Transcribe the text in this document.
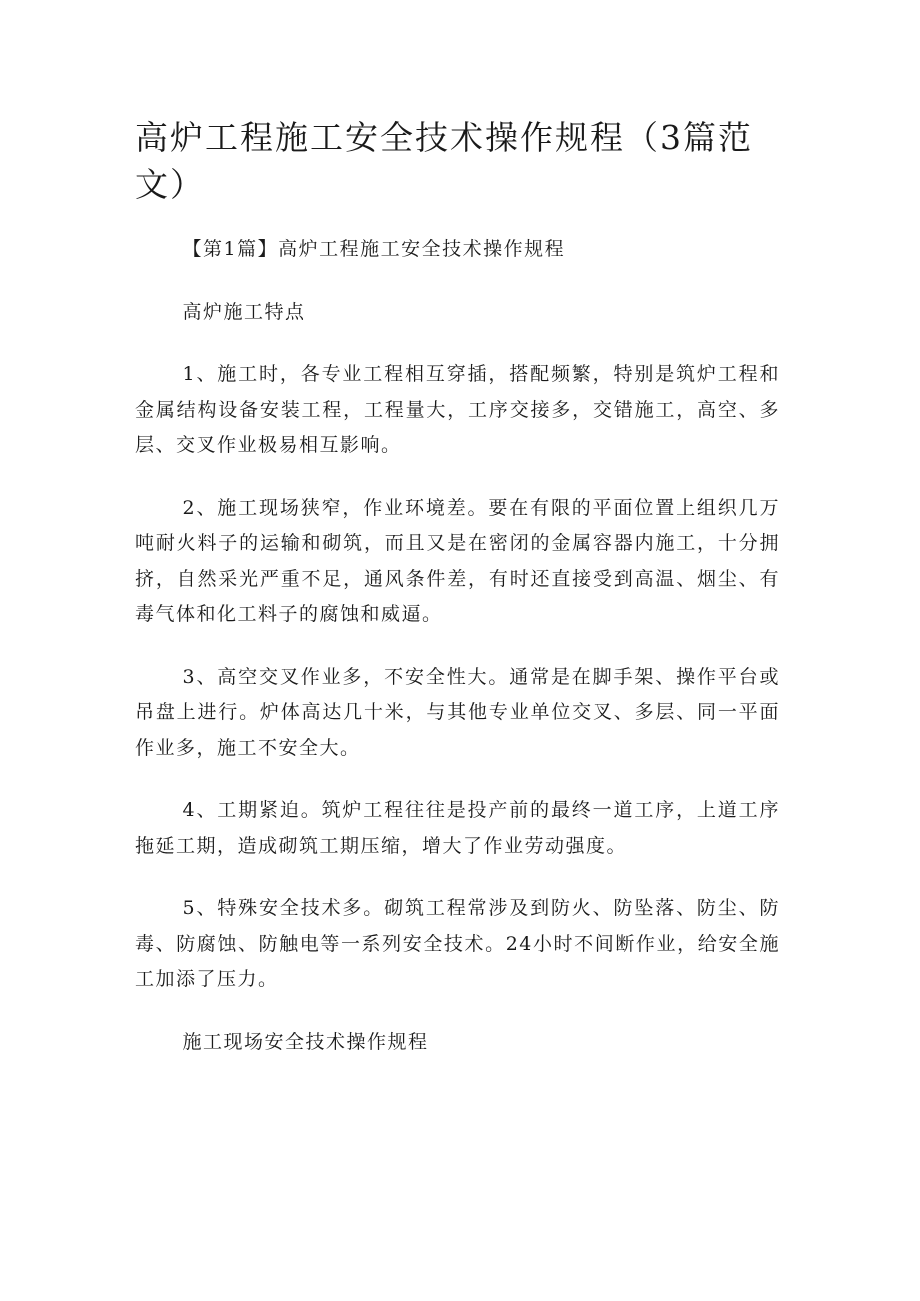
高炉工程施工安全技术操作规程（3篇范文）

【第1篇】高炉工程施工安全技术操作规程

高炉施工特点

1、施工时，各专业工程相互穿插，搭配频繁，特别是筑炉工程和金属结构设备安装工程，工程量大，工序交接多，交错施工，高空、多层、交叉作业极易相互影响。

2、施工现场狭窄，作业环境差。要在有限的平面位置上组织几万吨耐火料子的运输和砌筑，而且又是在密闭的金属容器内施工，十分拥挤，自然采光严重不足，通风条件差，有时还直接受到高温、烟尘、有毒气体和化工料子的腐蚀和威逼。

3、高空交叉作业多，不安全性大。通常是在脚手架、操作平台或吊盘上进行。炉体高达几十米，与其他专业单位交叉、多层、同一平面作业多，施工不安全大。

4、工期紧迫。筑炉工程往往是投产前的最终一道工序，上道工序拖延工期，造成砌筑工期压缩，增大了作业劳动强度。

5、特殊安全技术多。砌筑工程常涉及到防火、防坠落、防尘、防毒、防腐蚀、防触电等一系列安全技术。24小时不间断作业，给安全施工加添了压力。

施工现场安全技术操作规程
